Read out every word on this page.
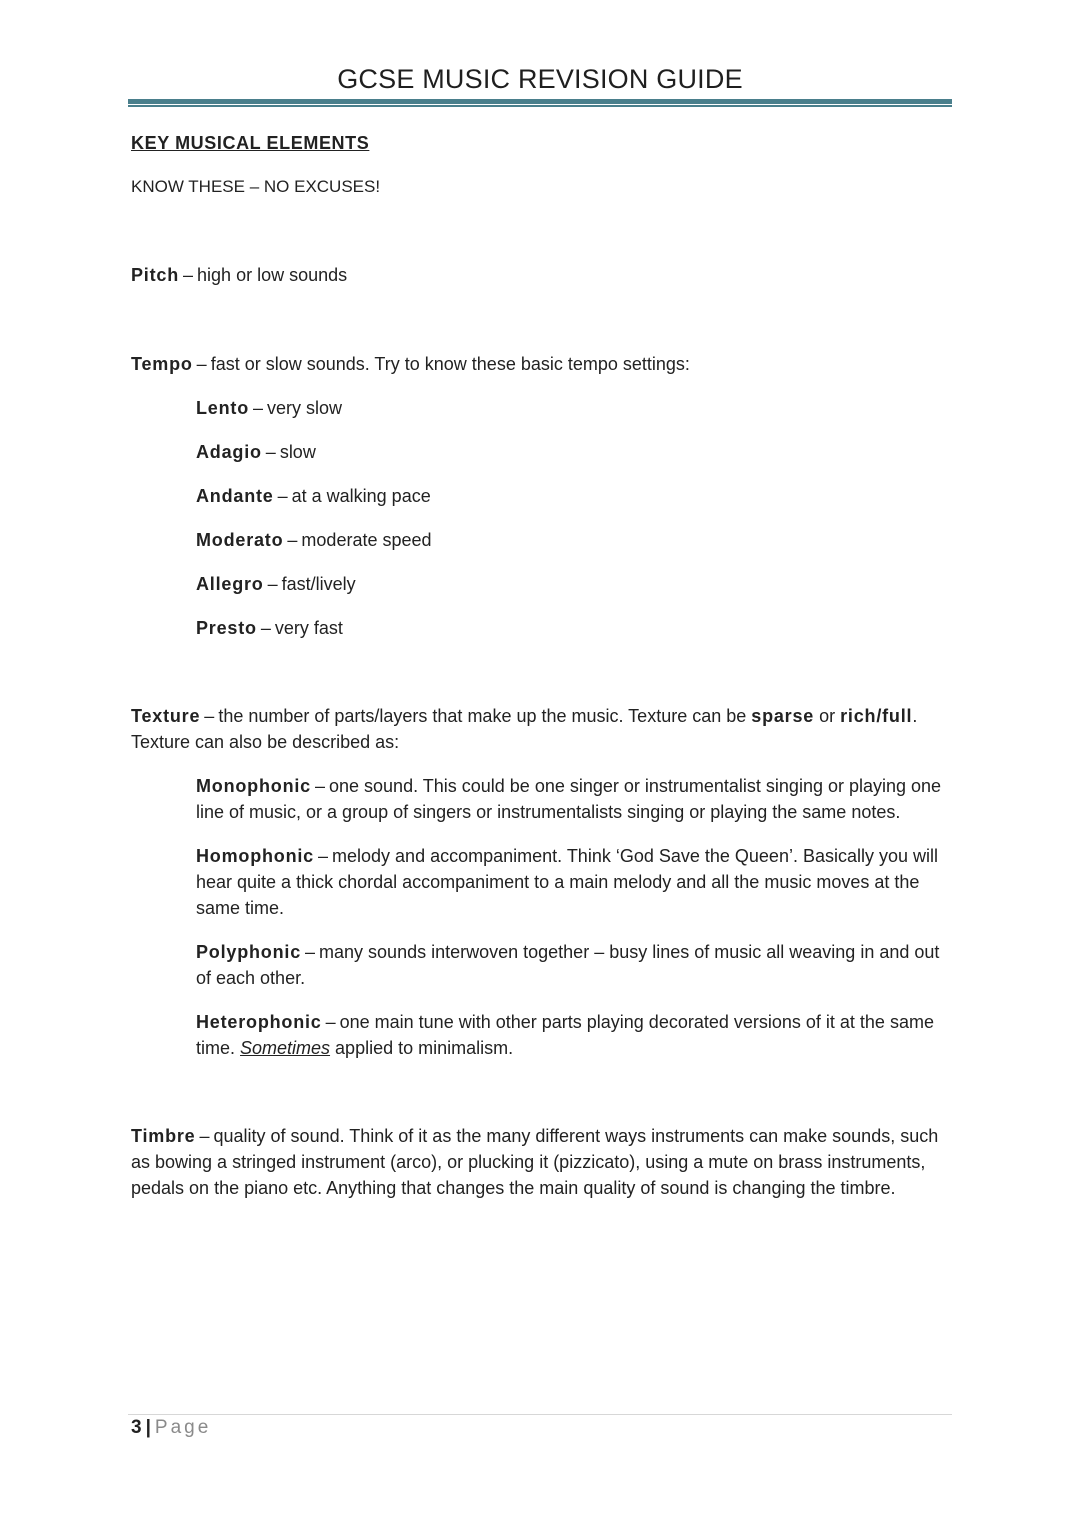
GCSE MUSIC REVISION GUIDE

KEY MUSICAL ELEMENTS

KNOW THESE – NO EXCUSES!

Pitch – high or low sounds

Tempo – fast or slow sounds. Try to know these basic tempo settings:

Lento – very slow

Adagio – slow

Andante – at a walking pace

Moderato – moderate speed

Allegro – fast/lively

Presto – very fast

Texture – the number of parts/layers that make up the music. Texture can be sparse or rich/full. Texture can also be described as:

Monophonic – one sound. This could be one singer or instrumentalist singing or playing one line of music, or a group of singers or instrumentalists singing or playing the same notes.

Homophonic – melody and accompaniment. Think ‘God Save the Queen’. Basically you will hear quite a thick chordal accompaniment to a main melody and all the music moves at the same time.

Polyphonic – many sounds interwoven together – busy lines of music all weaving in and out of each other.

Heterophonic – one main tune with other parts playing decorated versions of it at the same time. Sometimes applied to minimalism.

Timbre – quality of sound. Think of it as the many different ways instruments can make sounds, such as bowing a stringed instrument (arco), or plucking it (pizzicato), using a mute on brass instruments, pedals on the piano etc. Anything that changes the main quality of sound is changing the timbre.

3 | Page
